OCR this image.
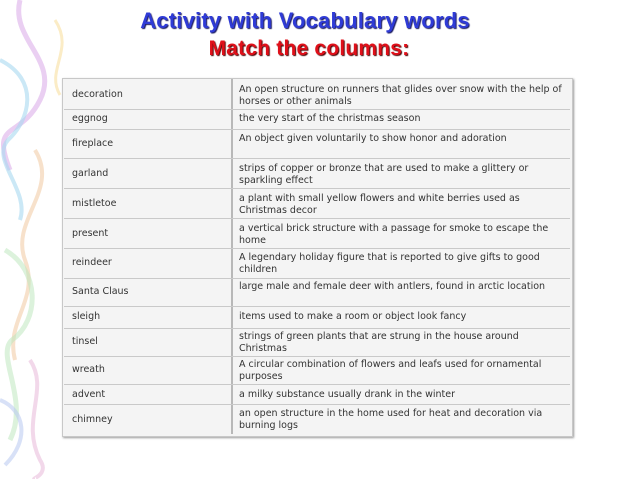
Activity with Vocabulary words
Match the columns:
decoration
eggnog
fireplace
garland
mistletoe
present
reindeer
Santa Claus
sleigh
tinsel
wreath
advent
chimney
An open structure on runners that glides over snow with the help of horses or other animals
the very start of the christmas season
An object given voluntarily to show honor and adoration
strips of copper or bronze that are used to make a glittery or sparkling effect
a plant with small yellow flowers and white berries used as Christmas decor
a vertical brick structure with a passage for smoke to escape the home
A legendary holiday figure that is reported to give gifts to good children
large male and female deer with antlers, found in arctic location
items used to make a room or object look fancy
strings of green plants that are strung in the house around Christmas
A circular combination of flowers and leafs used for ornamental purposes
a milky substance usually drank in the winter
an open structure in the home used for heat and decoration via burning logs
